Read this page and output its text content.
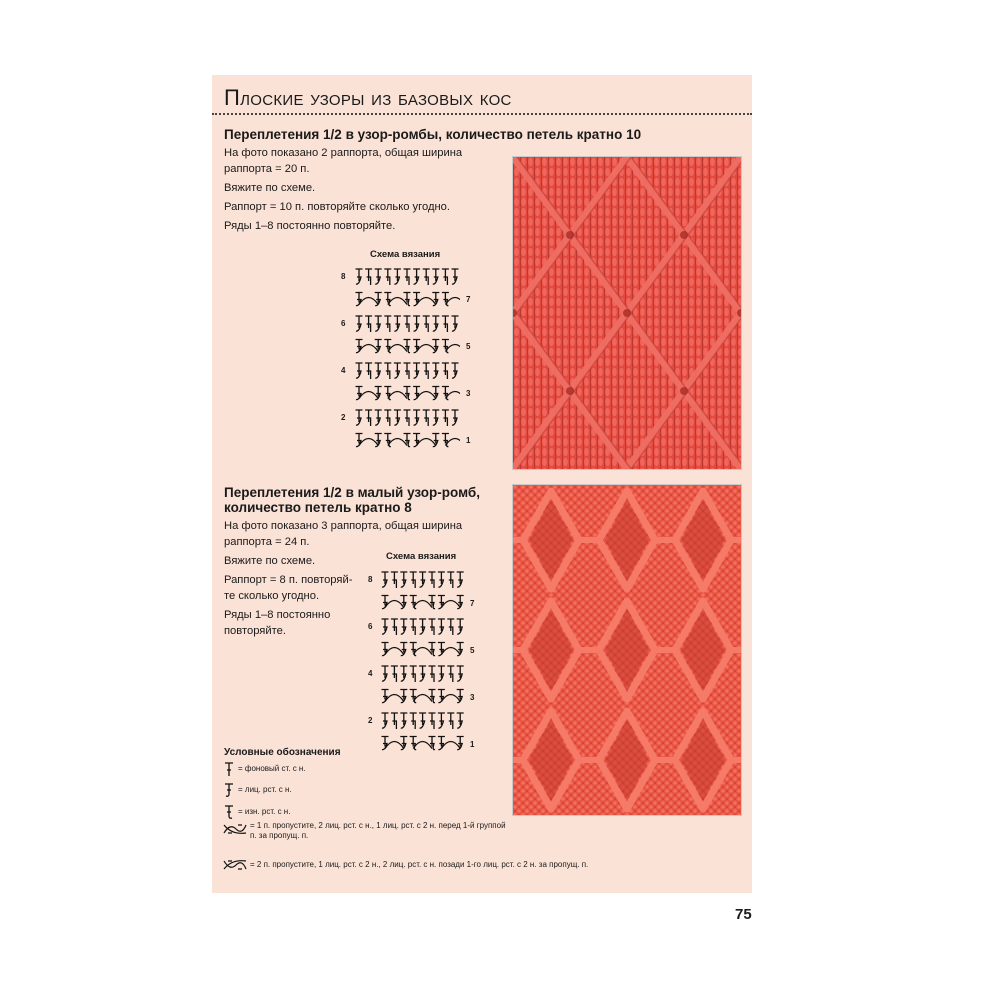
Плоские узоры из базовых кос
Переплетения 1/2 в узор-ромбы, количество петель кратно 10

На фото показано 2 раппорта, общая ширина

раппорта = 20 п.

Вяжите по схеме.

Раппорт = 10 п. повторяйте сколько угодно.

Ряды 1–8 постоянно повторяйте.

Схема вязания
8
6
4
2
7
5
3
1
Переплетения 1/2 в малый узор-ромб,
количество петель кратно 8

На фото показано 3 раппорта, общая ширина

раппорта = 24 п.

Вяжите по схеме.

Раппорт = 8 п. повторяй-

те сколько угодно.

Ряды 1–8 постоянно

повторяйте.

Схема вязания
8
6
4
2
7
5
3
1
Условные обозначения
= фоновый ст. с н.
= лиц. рст. с н.
= изн. рст. с н.
= 1 п. пропустите, 2 лиц. рст. с н., 1 лиц. рст. с 2 н. перед 1-й группой
п. за пропущ. п.
= 2 п. пропустите, 1 лиц. рст. с 2 н., 2 лиц. рст. с н. позади 1-го лиц. рст. с 2 н. за пропущ. п.
75
